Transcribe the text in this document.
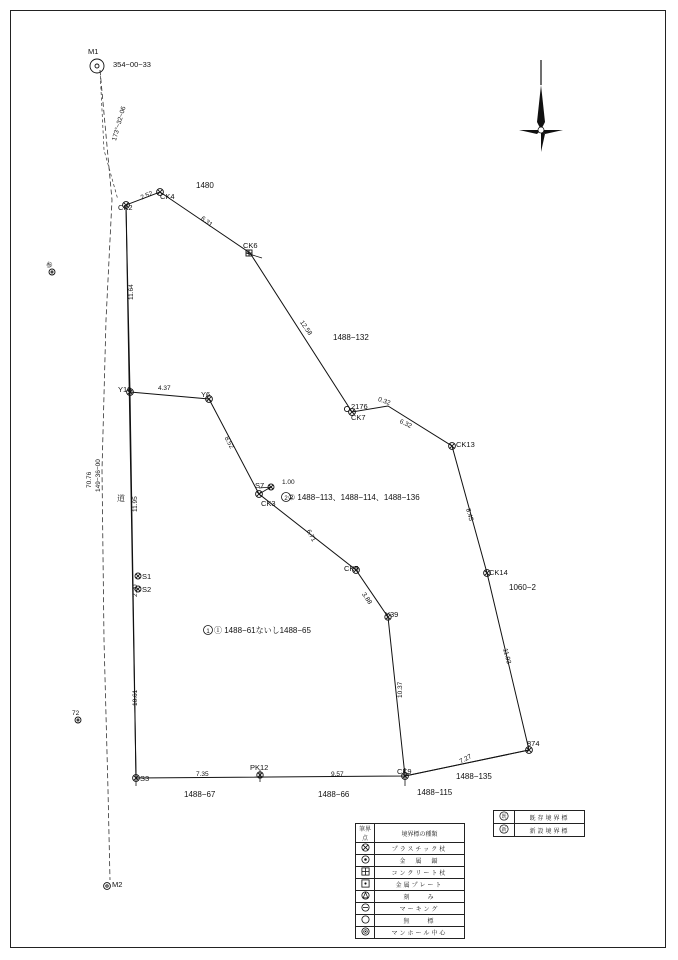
M1
354−00−33
M2
CK2
CK4
CK6
2176
CK7
CK13
CK14
874
Y10
Y6
S7
CK3
CK5
Y39
S1
S2
S3
PK12	CK9
1480
1488−132
1060−2
② 1488−113、1488−114、1488−136
① 1488−61ないし1488−65
1488−67	1488−66	1488−115
1488−135
道	2
1
2.52
6.31
12.58
0.32
6.32
8.45
11.93
7.27
9.57
7.35
10.61
2.30
11.95
11.64
4.37
8.52
1.00
6.71
3.88
10.37
173°−32−06
149−36−00
70.76
参
72
筆界点	境界標の種類
	プラスチック杖
	金　属　鍢
	コンクリート杖
	金属プレート
	刻　　み
	マーキング
	無　　標
	マンホール中心
既	既存境界標

新	新設境界標
